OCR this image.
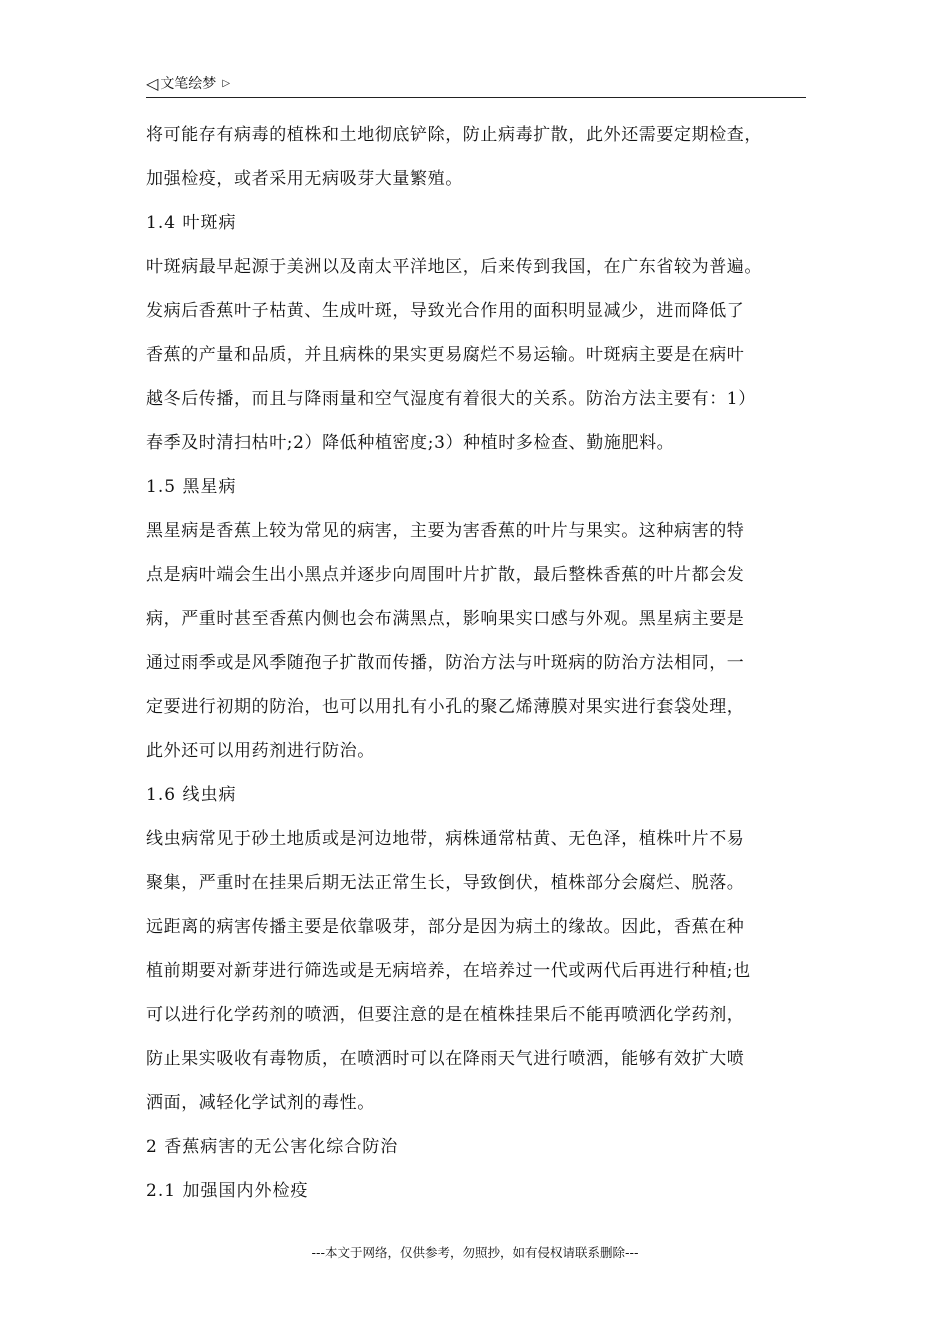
◁ 文笔绘梦 ▷
将可能存有病毒的植株和土地彻底铲除，防止病毒扩散，此外还需要定期检查，
加强检疫，或者采用无病吸芽大量繁殖。
1.4 叶斑病
叶斑病最早起源于美洲以及南太平洋地区，后来传到我国，在广东省较为普遍。
发病后香蕉叶子枯黄、生成叶斑，导致光合作用的面积明显减少，进而降低了
香蕉的产量和品质，并且病株的果实更易腐烂不易运输。叶斑病主要是在病叶
越冬后传播，而且与降雨量和空气湿度有着很大的关系。防治方法主要有：1）
春季及时清扫枯叶;2）降低种植密度;3）种植时多检查、勤施肥料。
1.5 黑星病
黑星病是香蕉上较为常见的病害，主要为害香蕉的叶片与果实。这种病害的特
点是病叶端会生出小黑点并逐步向周围叶片扩散，最后整株香蕉的叶片都会发
病，严重时甚至香蕉内侧也会布满黑点，影响果实口感与外观。黑星病主要是
通过雨季或是风季随孢子扩散而传播，防治方法与叶斑病的防治方法相同，一
定要进行初期的防治，也可以用扎有小孔的聚乙烯薄膜对果实进行套袋处理，
此外还可以用药剂进行防治。
1.6 线虫病
线虫病常见于砂土地质或是河边地带，病株通常枯黄、无色泽，植株叶片不易
聚集，严重时在挂果后期无法正常生长，导致倒伏，植株部分会腐烂、脱落。
远距离的病害传播主要是依靠吸芽，部分是因为病土的缘故。因此，香蕉在种
植前期要对新芽进行筛选或是无病培养，在培养过一代或两代后再进行种植;也
可以进行化学药剂的喷洒，但要注意的是在植株挂果后不能再喷洒化学药剂，
防止果实吸收有毒物质，在喷洒时可以在降雨天气进行喷洒，能够有效扩大喷
洒面，减轻化学试剂的毒性。
2 香蕉病害的无公害化综合防治
2.1 加强国内外检疫
---本文于网络，仅供参考，勿照抄，如有侵权请联系删除---
